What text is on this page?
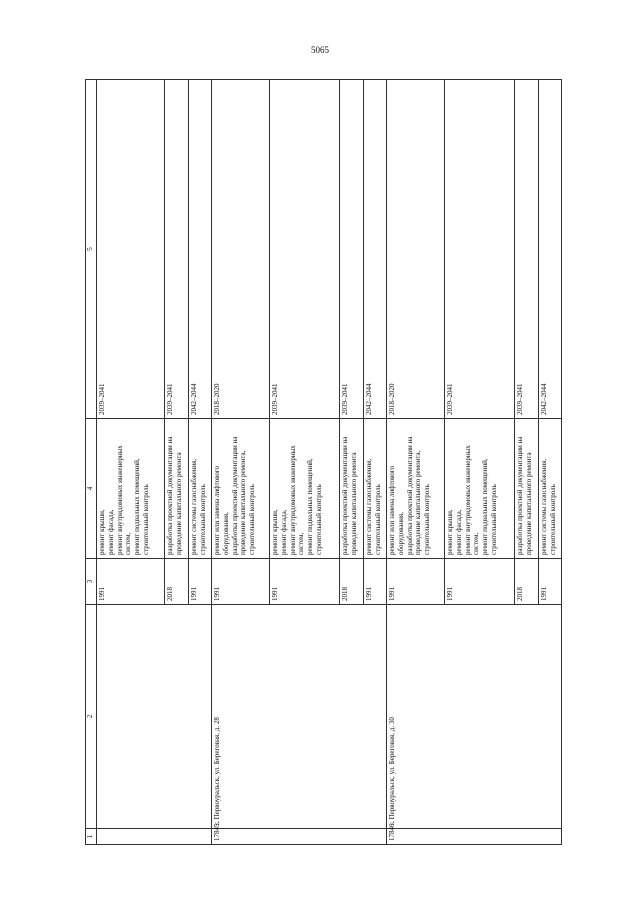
5065
1	2	3	4	5
		1991	ремонт крыши, ремонт фасада, ремонт внутридомовых инженерных систем, ремонт подвальных помещений, строительный контроль	2039–2041
		2018	разработка проектной документации на проведение капитального ремонта	2039–2041
		1991	ремонт системы газоснабжения, строительный контроль	2042–2044
17845.	г. Первоуральск, ул. Береговая, д. 28	1991	ремонт или замена лифтового оборудования, разработка проектной документации на проведение капитального ремонта, строительный контроль	2018–2020
		1991	ремонт крыши, ремонт фасада, ремонт внутридомовых инженерных систем, ремонт подвальных помещений, строительный контроль	2039–2041
		2018	разработка проектной документации на проведение капитального ремонта	2039–2041
		1991	ремонт системы газоснабжения, строительный контроль	2042–2044
17846.	г. Первоуральск, ул. Береговая, д. 30	1991	ремонт или замена лифтового оборудования, разработка проектной документации на проведение капитального ремонта, строительный контроль	2018–2020
		1991	ремонт крыши, ремонт фасада, ремонт внутридомовых инженерных систем, ремонт подвальных помещений, строительный контроль	2039–2041
		2018	разработка проектной документации на проведение капитального ремонта	2039–2041
		1991	ремонт системы газоснабжения, строительный контроль	2042–2044
